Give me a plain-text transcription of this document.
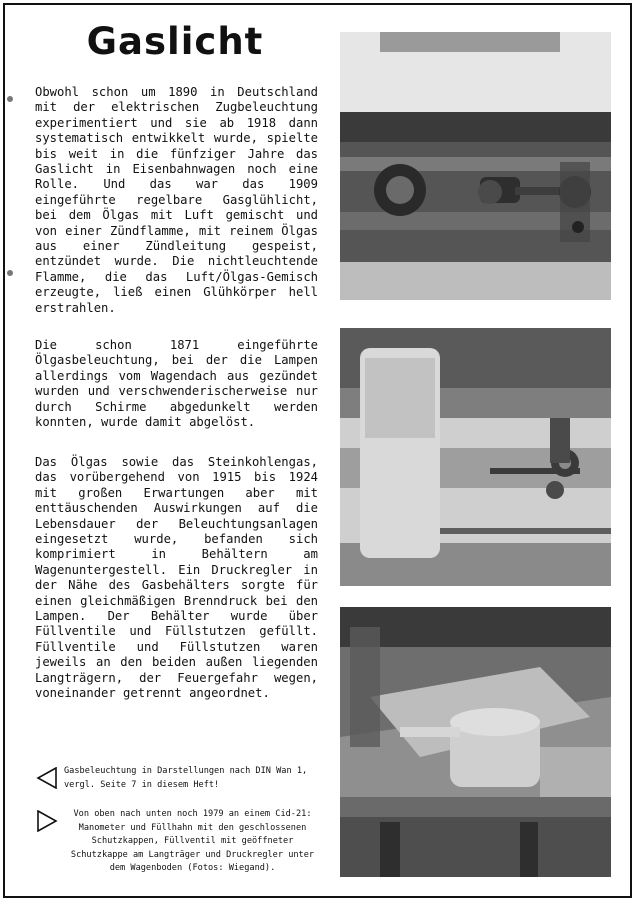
Gaslicht

Obwohl schon um 1890 in Deutschland mit der elektrischen Zugbeleuchtung experimentiert und sie ab 1918 dann systematisch entwikkelt wurde, spielte bis weit in die fünfziger Jahre das Gaslicht in Eisenbahnwagen noch eine Rolle. Und das war das 1909 eingeführte regelbare Gasglühlicht, bei dem Ölgas mit Luft gemischt und von einer Zündflamme, mit reinem Ölgas aus einer Zündleitung gespeist, entzündet wurde. Die nichtleuchtende Flamme, die das Luft/Ölgas-Gemisch erzeugte, ließ einen Glühkörper hell erstrahlen.

Die schon 1871 eingeführte Ölgasbeleuchtung, bei der die Lampen allerdings vom Wagendach aus gezündet wurden und verschwenderischerweise nur durch Schirme abgedunkelt werden konnten, wurde damit abgelöst.

Das Ölgas sowie das Steinkohlengas, das vorübergehend von 1915 bis 1924 mit großen Erwartungen aber mit enttäuschenden Auswirkungen auf die Lebensdauer der Beleuchtungsanlagen eingesetzt wurde, befanden sich komprimiert in Behältern am Wagenuntergestell. Ein Druckregler in der Nähe des Gasbehälters sorgte für einen gleichmäßigen Brenndruck bei den Lampen. Der Behälter wurde über Füllventile und Füllstutzen gefüllt. Füllventile und Füllstutzen waren jeweils an den beiden außen liegenden Langträgern, der Feuergefahr wegen, voneinander getrennt angeordnet.

Gasbeleuchtung in Darstellungen nach DIN Wan 1, vergl. Seite 7 in diesem Heft!

Von oben nach unten noch 1979 an einem Cid-21: Manometer und Füllhahn mit den geschlossenen Schutzkappen, Füllventil mit geöffneter Schutzkappe am Langträger und Druckregler unter dem Wagenboden (Fotos: Wiegand).
